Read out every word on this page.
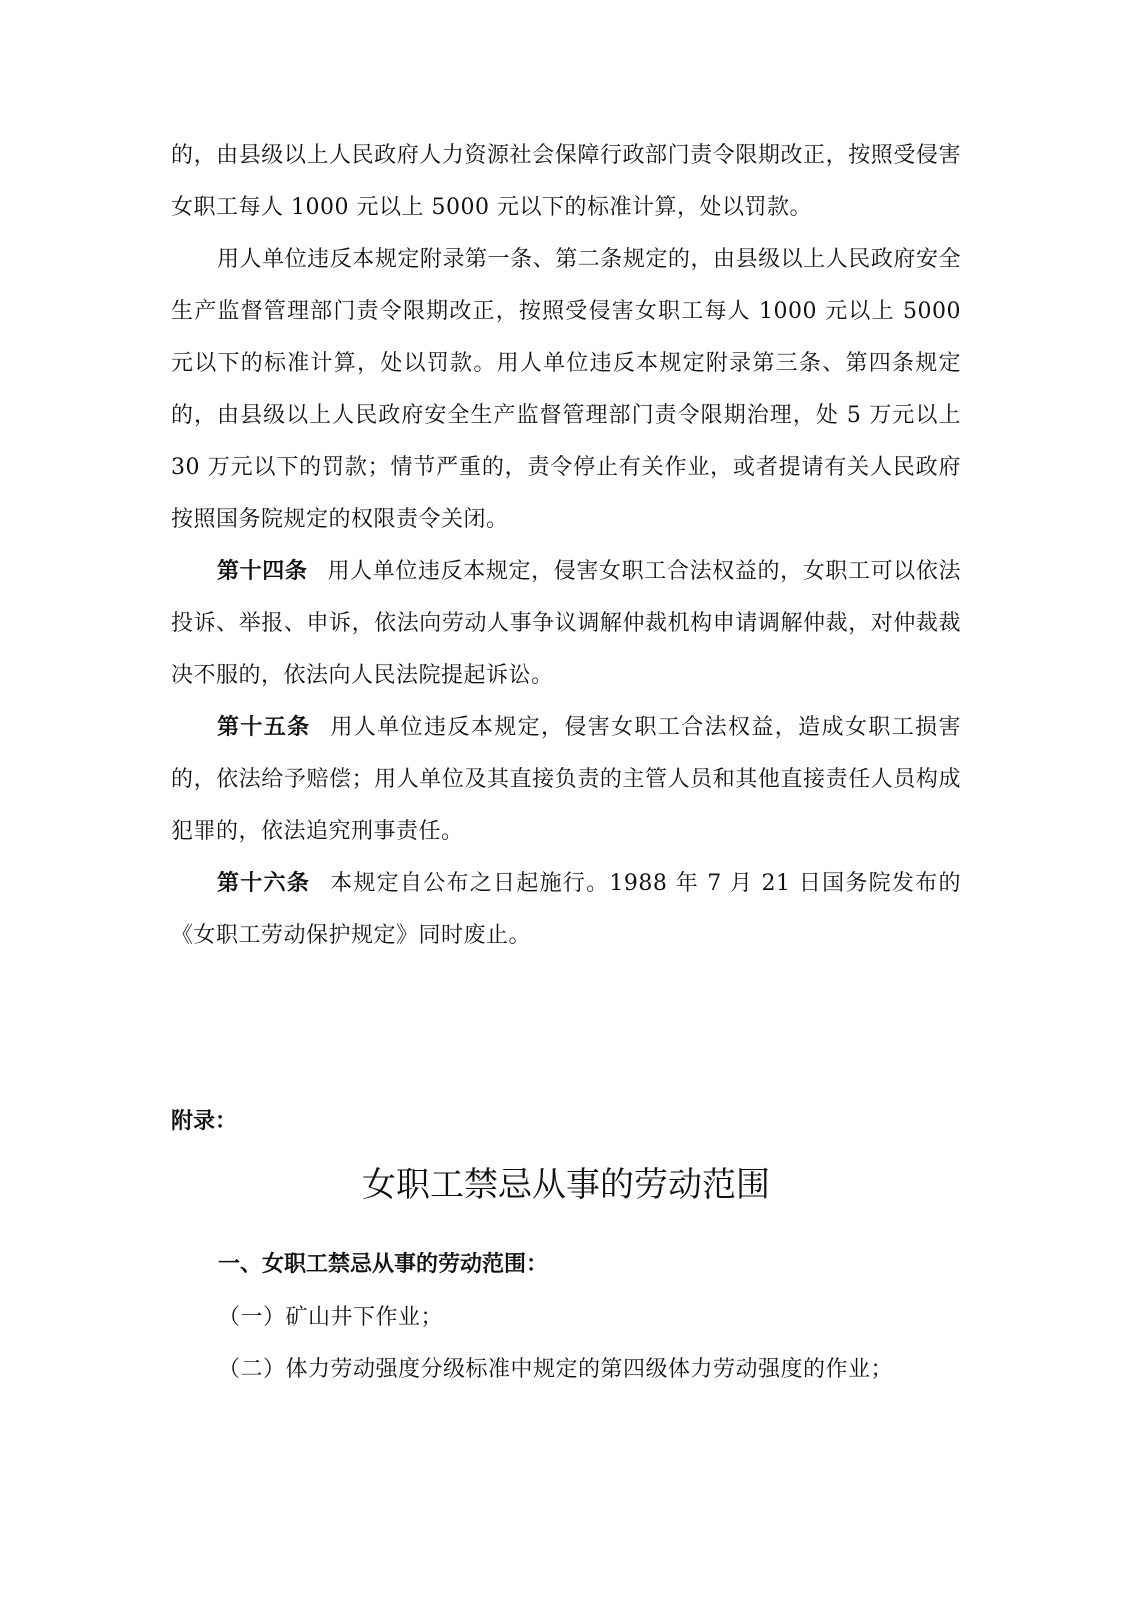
的，由县级以上人民政府人力资源社会保障行政部门责令限期改正，按照受侵害女职工每人 1000 元以上 5000 元以下的标准计算，处以罚款。

用人单位违反本规定附录第一条、第二条规定的，由县级以上人民政府安全生产监督管理部门责令限期改正，按照受侵害女职工每人 1000 元以上 5000 元以下的标准计算，处以罚款。用人单位违反本规定附录第三条、第四条规定的，由县级以上人民政府安全生产监督管理部门责令限期治理，处 5 万元以上 30 万元以下的罚款；情节严重的，责令停止有关作业，或者提请有关人民政府按照国务院规定的权限责令关闭。

第十四条 用人单位违反本规定，侵害女职工合法权益的，女职工可以依法投诉、举报、申诉，依法向劳动人事争议调解仲裁机构申请调解仲裁，对仲裁裁决不服的，依法向人民法院提起诉讼。

第十五条 用人单位违反本规定，侵害女职工合法权益，造成女职工损害的，依法给予赔偿；用人单位及其直接负责的主管人员和其他直接责任人员构成犯罪的，依法追究刑事责任。

第十六条 本规定自公布之日起施行。1988 年 7 月 21 日国务院发布的《女职工劳动保护规定》同时废止。

附录：

女职工禁忌从事的劳动范围
一、女职工禁忌从事的劳动范围：

（一）矿山井下作业；

（二）体力劳动强度分级标准中规定的第四级体力劳动强度的作业；
